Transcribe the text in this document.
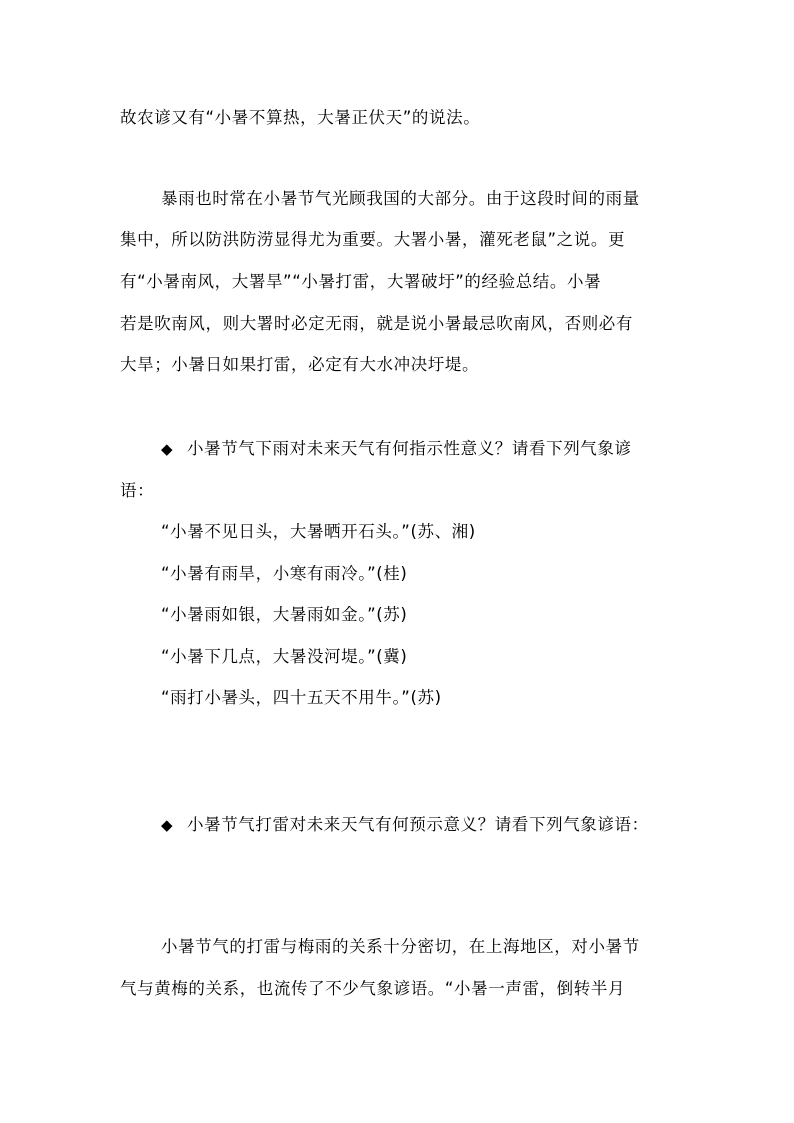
故农谚又有“小暑不算热，大暑正伏天”的说法。
暴雨也时常在小暑节气光顾我国的大部分。由于这段时间的雨量
集中，所以防洪防涝显得尤为重要。大署小暑，灌死老鼠”之说。更
有“小暑南风，大署旱”“小暑打雷，大署破圩”的经验总结。小暑
若是吹南风，则大署时必定无雨，就是说小暑最忌吹南风，否则必有
大旱；小暑日如果打雷，必定有大水冲决圩堤。
◆ 小暑节气下雨对未来天气有何指示性意义？请看下列气象谚
语：
“小暑不见日头，大暑晒开石头。”(苏、湘)
“小暑有雨旱，小寒有雨冷。”(桂)
“小暑雨如银，大暑雨如金。”(苏)
“小暑下几点，大暑没河堤。”(冀)
“雨打小暑头，四十五天不用牛。”(苏)
◆ 小暑节气打雷对未来天气有何预示意义？请看下列气象谚语：
小暑节气的打雷与梅雨的关系十分密切，在上海地区，对小暑节
气与黄梅的关系，也流传了不少气象谚语。“小暑一声雷，倒转半月
